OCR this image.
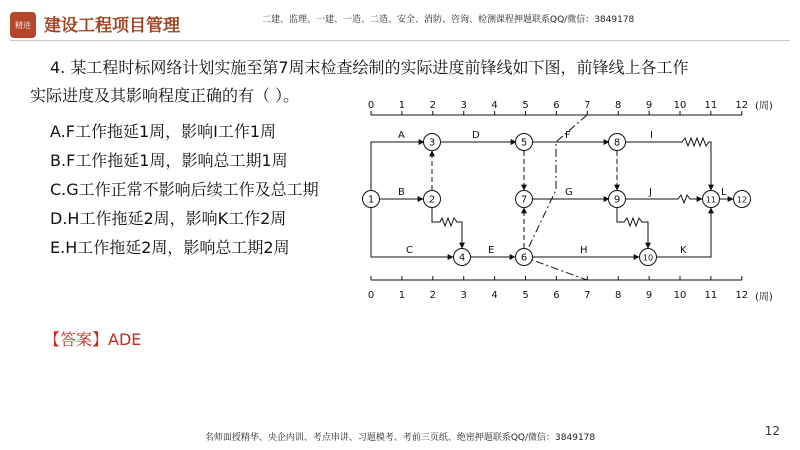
精进 建设工程项目管理	二建、监理、一建、一造、二造、安全、消防、咨询、检测课程押题联系QQ/微信：3849178
4. 某工程时标网络计划实施至第7周末检查绘制的实际进度前锋线如下图，前锋线上各工作
实际进度及其影响程度正确的有（ ）。
A.F工作拖延1周，影响Ⅰ工作1周
B.F工作拖延1周，影响总工期1周
C.G工作正常不影响后续工作及总工期
D.H工作拖延2周，影响K工作2周
E.H工作拖延2周，影响总工期2周
0 1 2 3 4 5 6 7 8 9 10 11 12
0 1 2 3 4 5 6 7 8 9 10 11 12
1	2
3
4
5
6
7
8
9
10
11	12
A
B
C
D
E
F
G
H
I
J
K
L
(周)
(周)
【答案】ADE
名师面授精华、央企内训、考点串讲、习题模考、考前三页纸、绝密押题联系QQ/微信：3849178	12
